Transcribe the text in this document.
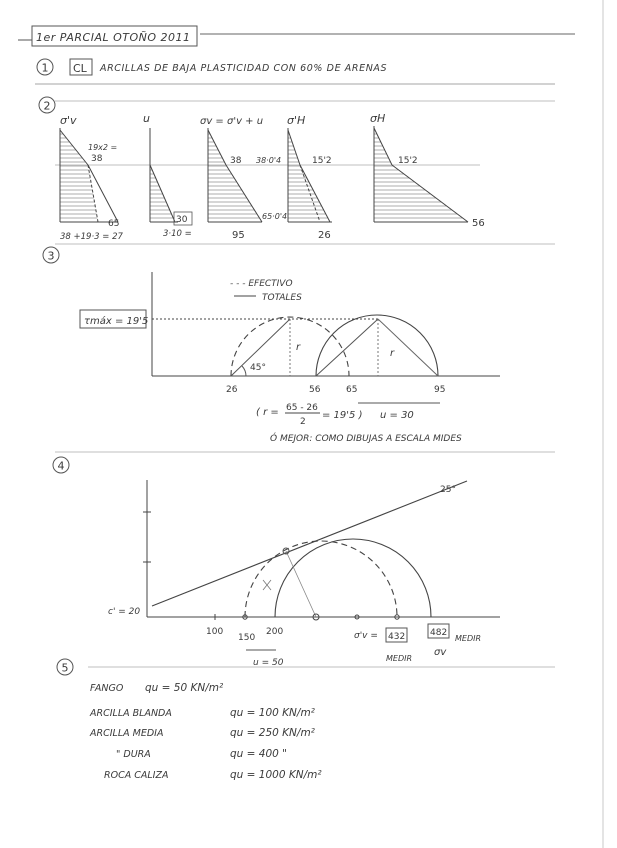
1er PARCIAL OTOÑO 2011
1 CL ARCILLAS DE BAJA PLASTICIDAD CON 60% DE ARENAS
2
σ'v	u	σv = σ'v + u σ'H	σH
19x2 =
38
65
38 +19·3 = 27
30
3·10 =
38 38·0'4
65·0'4
95
15'2
26
15'2
56
3
- - - EFECTIVO
TOTALES
τmáx = 19'5
45°
r
r
26	56	65	95
( r = 65 - 26
2
= 19'5 ) u = 30
Ó MEJOR: COMO DIBUJAS A ESCALA MIDES
4
25°
c' = 20
100
150
200	σ'v = 432	482
MEDIR
MEDIR
σv
u = 50
5
FANGO qu = 50 KN/m²
ARCILLA BLANDA	qu = 100 KN/m²
ARCILLA MEDIA	qu = 250 KN/m²
" DURA	qu = 400 "
ROCA CALIZA	qu = 1000 KN/m²
